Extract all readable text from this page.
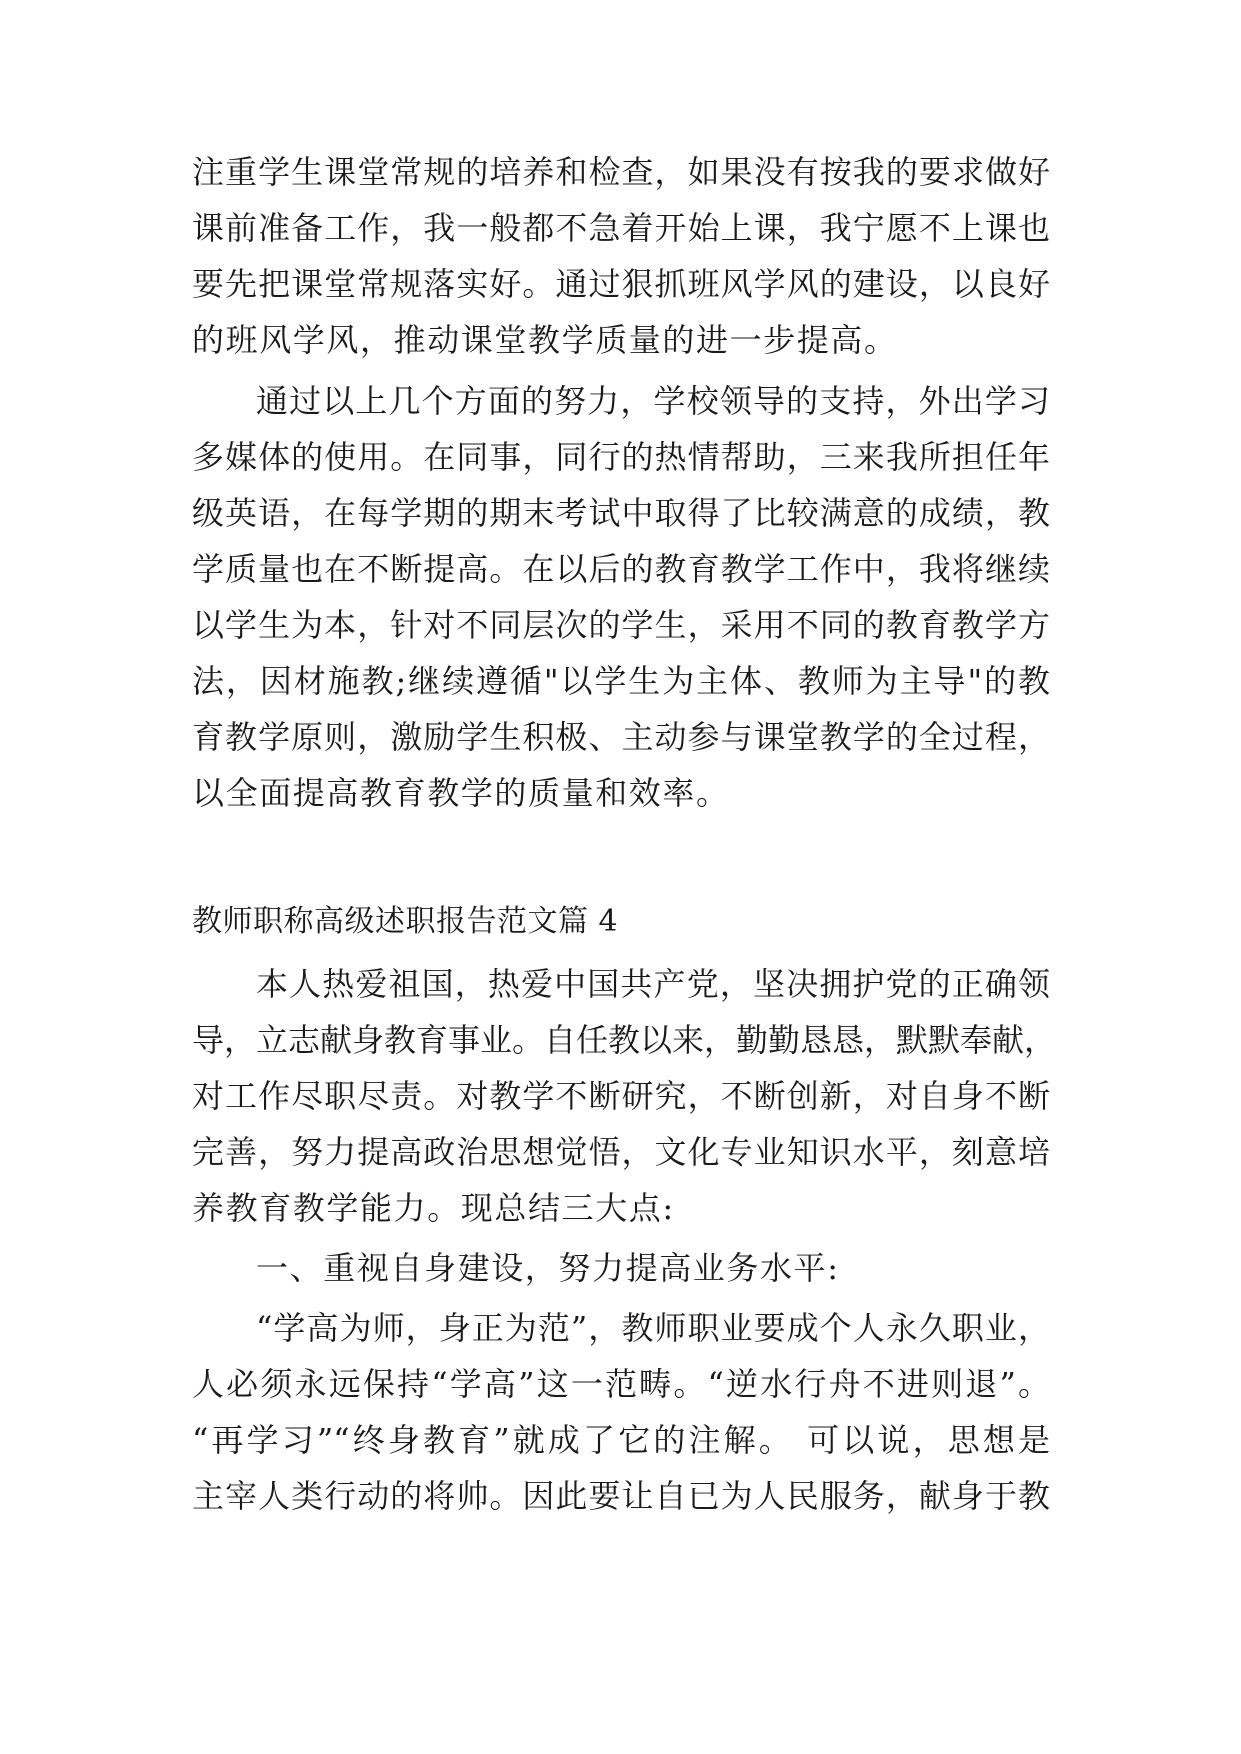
注重学生课堂常规的培养和检查，如果没有按我的要求做好
课前准备工作，我一般都不急着开始上课，我宁愿不上课也
要先把课堂常规落实好。通过狠抓班风学风的建设，以良好
的班风学风，推动课堂教学质量的进一步提高。
通过以上几个方面的努力，学校领导的支持，外出学习
多媒体的使用。在同事，同行的热情帮助，三来我所担任年
级英语，在每学期的期末考试中取得了比较满意的成绩，教
学质量也在不断提高。在以后的教育教学工作中，我将继续
以学生为本，针对不同层次的学生，采用不同的教育教学方
法，因材施教;继续遵循"以学生为主体、教师为主导"的教
育教学原则，激励学生积极、主动参与课堂教学的全过程，
以全面提高教育教学的质量和效率。
教师职称高级述职报告范文篇 4
本人热爱祖国，热爱中国共产党，坚决拥护党的正确领
导，立志献身教育事业。自任教以来，勤勤恳恳，默默奉献，
对工作尽职尽责。对教学不断研究，不断创新，对自身不断
完善，努力提高政治思想觉悟，文化专业知识水平，刻意培
养教育教学能力。现总结三大点:
一、重视自身建设，努力提高业务水平:
“学高为师，身正为范”，教师职业要成个人永久职业，
人必须永远保持“学高”这一范畴。“逆水行舟不进则退”。
“再学习”“终身教育”就成了它的注解。 可以说，思想是
主宰人类行动的将帅。因此要让自已为人民服务，献身于教
